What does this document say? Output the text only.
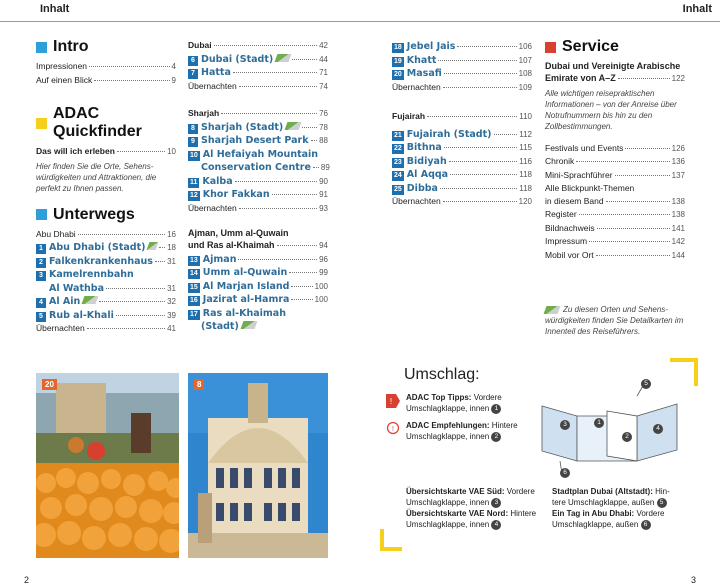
Inhalt	Inhalt
Intro
Impressionen	4
Auf einen Blick	9
ADAC Quickfinder
Das will ich erleben	10
Hier finden Sie die Orte, Sehens-würdigkeiten und Attraktionen, die perfekt zu Ihnen passen.
Unterwegs
Abu Dhabi	16
1 Abu Dhabi (Stadt)	18
2 Falkenkrankenhaus 31
3 Kamelrennbahn
Al Wathba	31
4 Al Ain	32
5 Rub al-Khali	39
Übernachten	41
Dubai	42
6 Dubai (Stadt)	44
7 Hatta	71
Übernachten	74
Sharjah	76
8 Sharjah (Stadt)	78
9 Sharjah Desert Park 88
10 Al Hefaiyah Mountain
Conservation Centre 89
11 Kalba	90
12 Khor Fakkan	91
Übernachten	93
Ajman, Umm al-Quwain
und Ras al-Khaimah	94
13 Ajman	96
14 Umm al-Quwain	99
15 Al Marjan Island	100
16 Jazirat al-Hamra	100
17 Ras al-Khaimah
(Stadt)
18 Jebel Jais	106
19 Khatt	107
20 Masafi	108
Übernachten	109
Fujairah	110
21 Fujairah (Stadt)	112
22 Bithna	115
23 Bidiyah	116
24 Al Aqqa	118
25 Dibba	118
Übernachten	120
Service
Dubai und Vereinigte Arabische
Emirate von A–Z	122
Alle wichtigen reisepraktischen Informationen – von der Anreise über Notrufnummern bis hin zu den Zollbestimmungen.
Festivals und Events	126
Chronik	136
Mini-Sprachführer	137
Alle Blickpunkt-Themen
in diesem Band	138
Register	138
Bildnachweis	141
Impressum	142
Mobil vor Ort	144
Zu diesen Orten und Sehens-würdigkeiten finden Sie Detailkarten im Innenteil des Reiseführers.
20	8
Umschlag:
! ADAC Top Tipps: Vordere
Umschlagklappe, innen 1
! ADAC Empfehlungen: Hintere
Umschlagklappe, innen 2
5
3	1
2
4
6
Übersichtskarte VAE Süd: Vordere
Umschlagklappe, innen 3
Übersichtskarte VAE Nord: Hintere
Umschlagklappe, innen 4
Stadtplan Dubai (Altstadt): Hin-
tere Umschlagklappe, außen 5
Ein Tag in Abu Dhabi: Vordere
Umschlagklappe, außen 6
2	3
